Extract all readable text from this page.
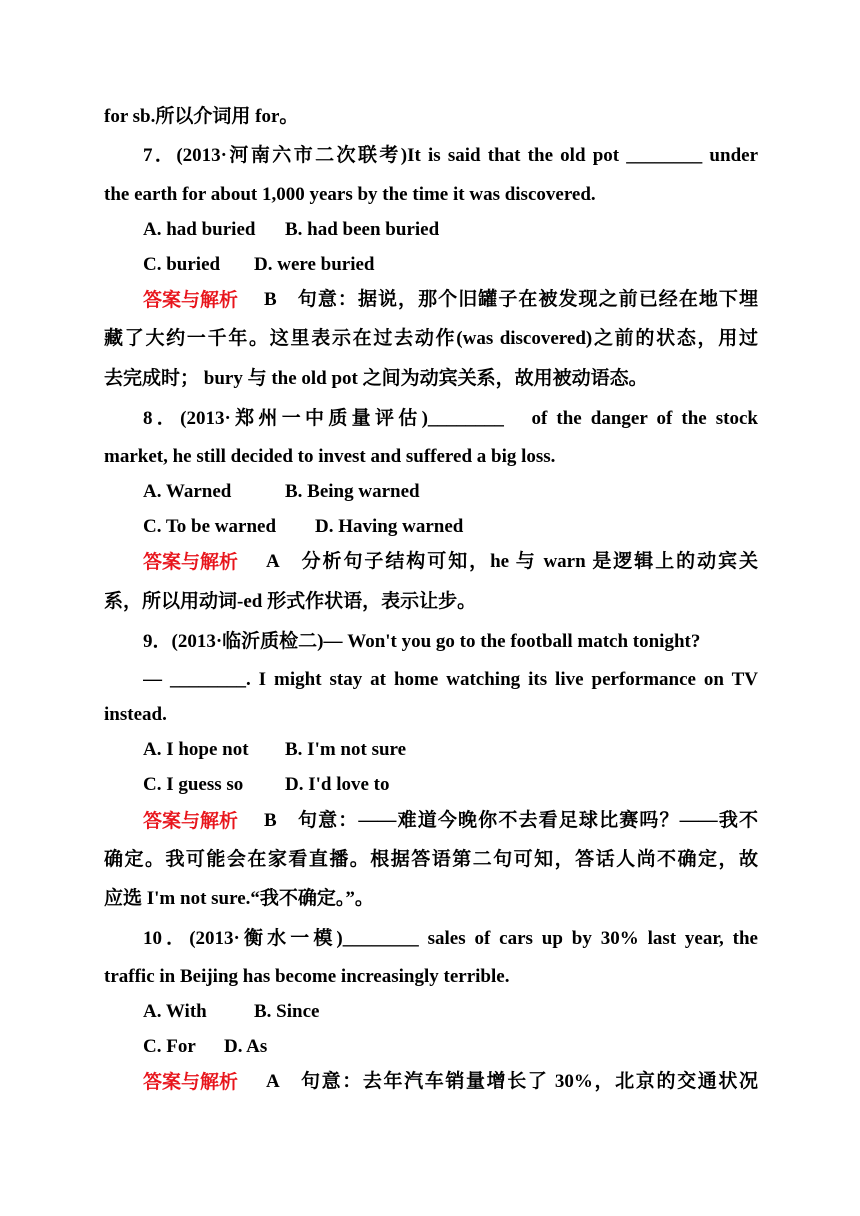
for sb.所以介词用 for。
7．(2013·河南六市二次联考)It is said that the old pot ________ under
the earth for about 1,000 years by the time it was discovered.
A. had buried B. had been buried
C. buried D. were buried
答案与解析 B　句意：据说，那个旧罐子在被发现之前已经在地下埋
藏了大约一千年。这里表示在过去动作(was discovered)之前的状态，用过
去完成时； bury 与 the old pot 之间为动宾关系，故用被动语态。
8．(2013·郑州一中质量评估)________　of the danger of the stock
market, he still decided to invest and suffered a big loss.
A. Warned	B. Being warned
C. To be warned D. Having warned
答案与解析 A　分析句子结构可知，he 与 warn 是逻辑上的动宾关
系，所以用动词-ed 形式作状语，表示让步。
9．(2013·临沂质检二)— Won't you go to the football match tonight?
— ________. I might stay at home watching its live performance on TV
instead.
A. I hope not B. I'm not sure
C. I guess so D. I'd love to
答案与解析 B　句意：——难道今晚你不去看足球比赛吗？——我不
确定。我可能会在家看直播。根据答语第二句可知，答话人尚不确定，故
应选 I'm not sure.“我不确定。”。
10．(2013·衡水一模)________ sales of cars up by 30% last year, the
traffic in Beijing has become increasingly terrible.
A. With B. Since
C. For D. As
答案与解析 A　句意：去年汽车销量增长了 30%，北京的交通状况
